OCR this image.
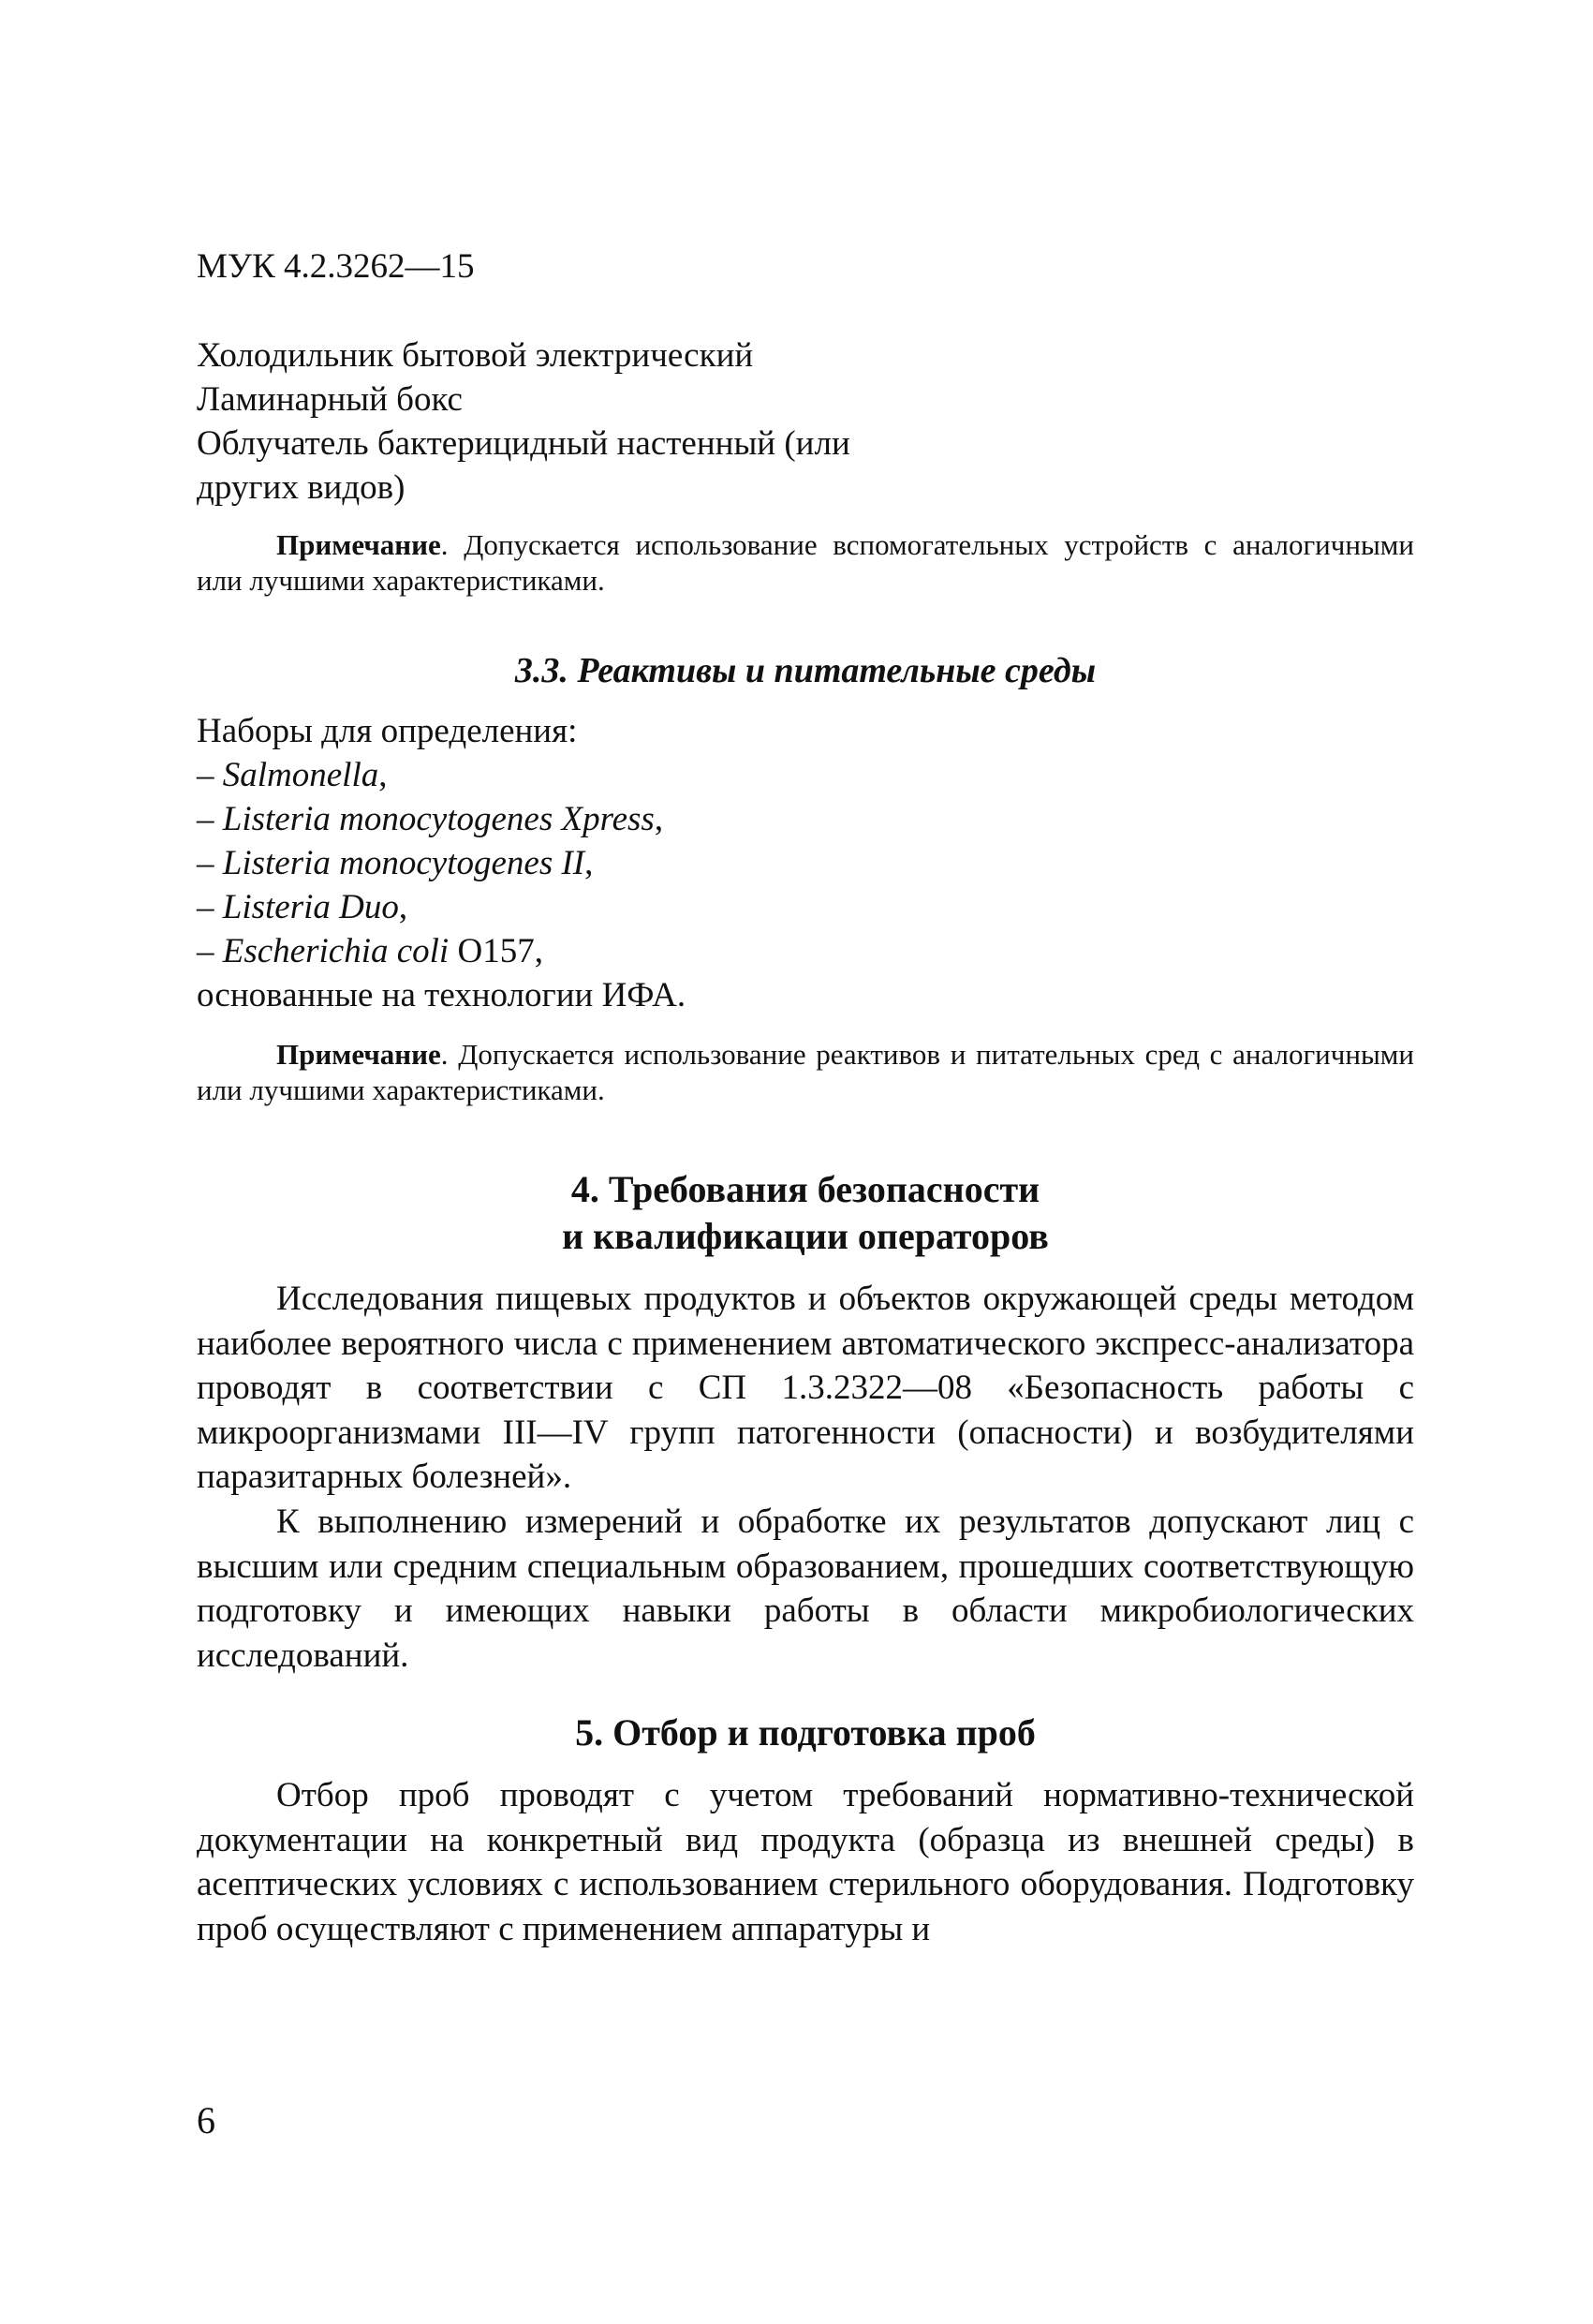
МУК 4.2.3262—15
Холодильник бытовой электрический
Ламинарный бокс
Облучатель бактерицидный настенный (или
других видов)
Примечание. Допускается использование вспомогательных устройств с аналогичными или лучшими характеристиками.
3.3. Реактивы и питательные среды
Наборы для определения:
– Salmonella,
– Listeria monocytogenes Xpress,
– Listeria monocytogenes II,
– Listeria Duo,
– Escherichia coli O157,
основанные на технологии ИФА.
Примечание. Допускается использование реактивов и питательных сред с аналогичными или лучшими характеристиками.
4. Требования безопасности
и квалификации операторов
Исследования пищевых продуктов и объектов окружающей среды методом наиболее вероятного числа с применением автоматического экспресс-анализатора проводят в соответствии с СП 1.3.2322—08 «Безопасность работы с микроорганизмами III—IV групп патогенности (опасности) и возбудителями паразитарных болезней».
К выполнению измерений и обработке их результатов допускают лиц с высшим или средним специальным образованием, прошедших соответствующую подготовку и имеющих навыки работы в области микробиологических исследований.
5. Отбор и подготовка проб
Отбор проб проводят с учетом требований нормативно-технической документации на конкретный вид продукта (образца из внешней среды) в асептических условиях с использованием стерильного оборудования. Подготовку проб осуществляют с применением аппаратуры и
6
